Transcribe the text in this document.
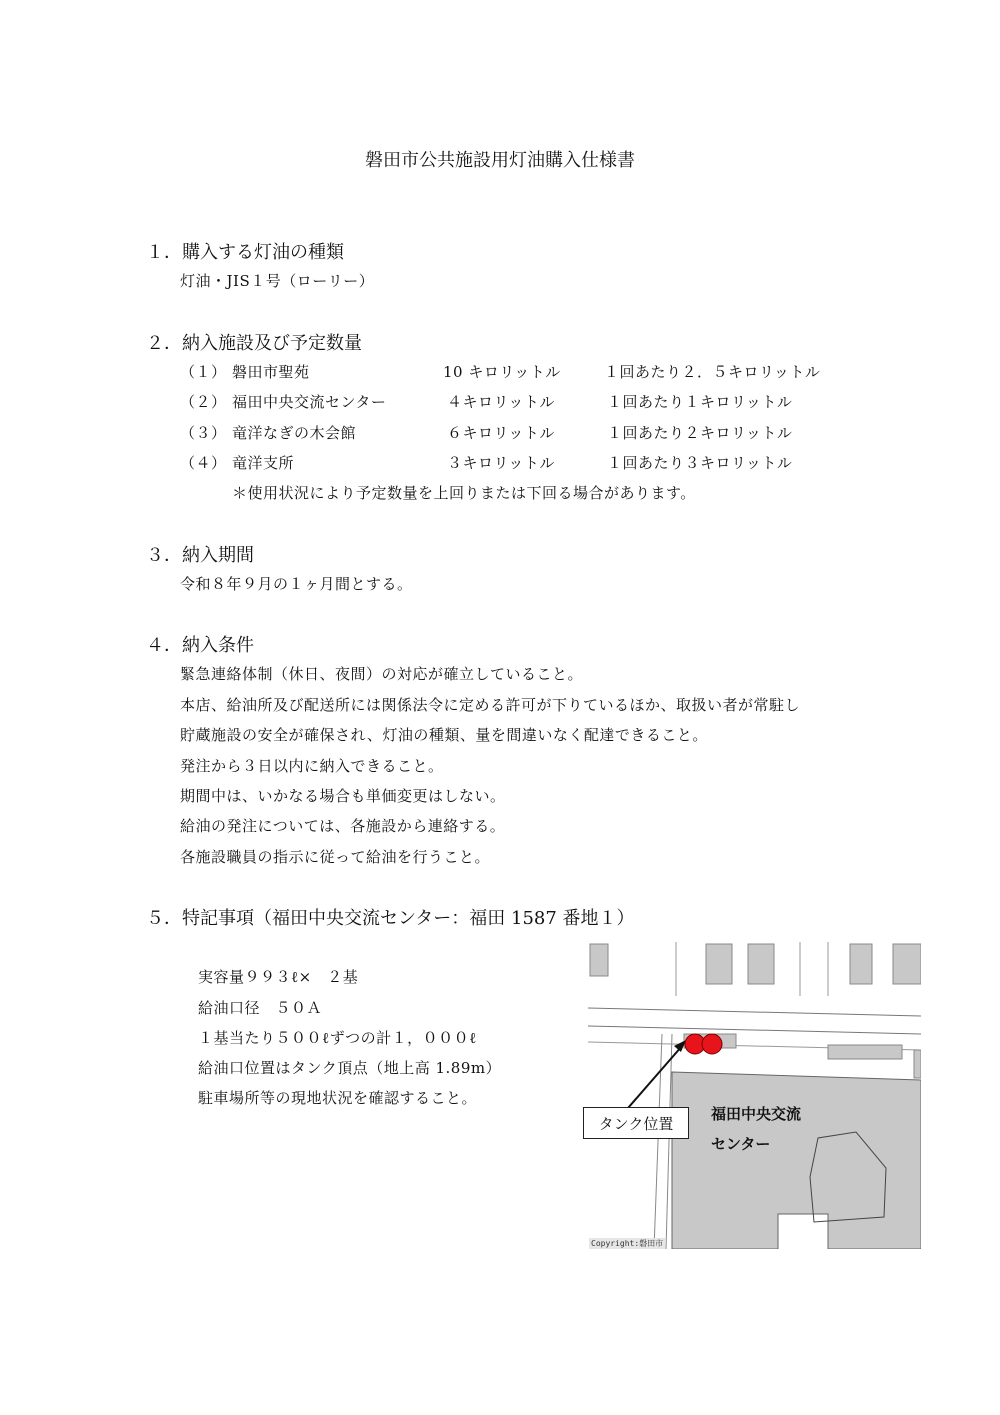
磐田市公共施設用灯油購入仕様書
１．購入する灯油の種類
灯油・JIS１号（ローリー）
２．納入施設及び予定数量
（１） 磐田市聖苑	10 キロリットル	１回あたり２．５キロリットル
（２） 福田中央交流センター	４キロリットル	１回あたり１キロリットル
（３） 竜洋なぎの木会館	６キロリットル	１回あたり２キロリットル
（４） 竜洋支所	３キロリットル	１回あたり３キロリットル
＊使用状況により予定数量を上回りまたは下回る場合があります。
３．納入期間
令和８年９月の１ヶ月間とする。
４．納入条件
緊急連絡体制（休日、夜間）の対応が確立していること。
本店、給油所及び配送所には関係法令に定める許可が下りているほか、取扱い者が常駐し
貯蔵施設の安全が確保され、灯油の種類、量を間違いなく配達できること。
発注から３日以内に納入できること。
期間中は、いかなる場合も単価変更はしない。
給油の発注については、各施設から連絡する。
各施設職員の指示に従って給油を行うこと。
５．特記事項（福田中央交流センター：福田 1587 番地１）
実容量９９３ℓ×　２基
給油口径　５０Ａ
１基当たり５００ℓずつの計１，０００ℓ
給油口位置はタンク頂点（地上高 1.89m）
駐車場所等の現地状況を確認すること。
Copyright:磐田市
タンク位置
福田中央交流
センター
